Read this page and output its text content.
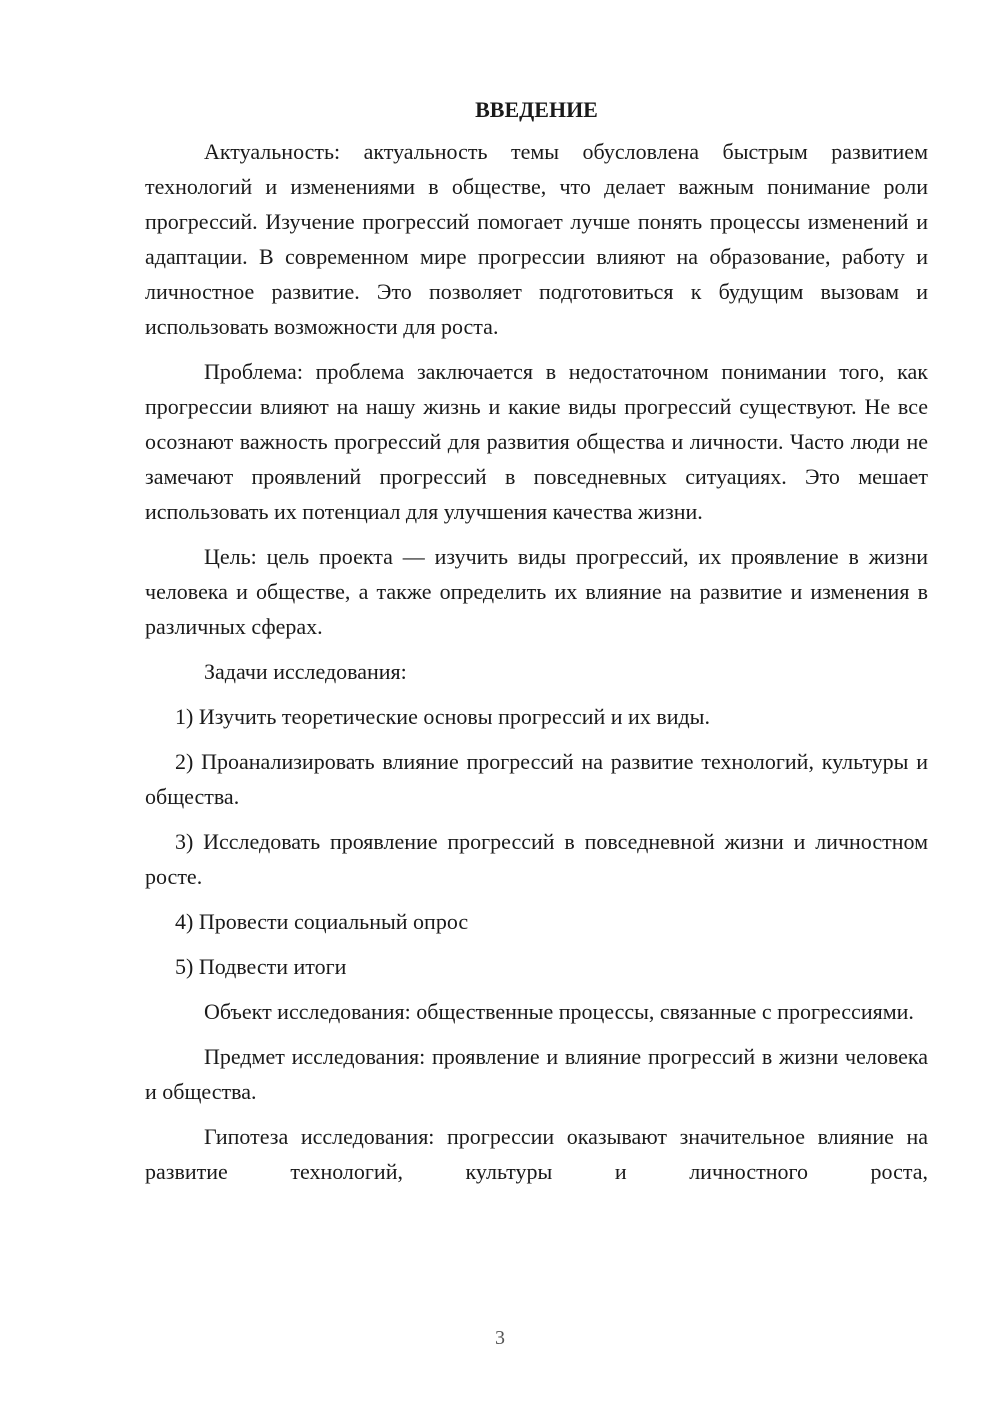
ВВЕДЕНИЕ

Актуальность: актуальность темы обусловлена быстрым развитием технологий и изменениями в обществе, что делает важным понимание роли прогрессий. Изучение прогрессий помогает лучше понять процессы изменений и адаптации. В современном мире прогрессии влияют на образование, работу и личностное развитие. Это позволяет подготовиться к будущим вызовам и использовать возможности для роста.

Проблема: проблема заключается в недостаточном понимании того, как прогрессии влияют на нашу жизнь и какие виды прогрессий существуют. Не все осознают важность прогрессий для развития общества и личности. Часто люди не замечают проявлений прогрессий в повседневных ситуациях. Это мешает использовать их потенциал для улучшения качества жизни.

Цель: цель проекта — изучить виды прогрессий, их проявление в жизни человека и обществе, а также определить их влияние на развитие и изменения в различных сферах.

Задачи исследования:

1) Изучить теоретические основы прогрессий и их виды.

2) Проанализировать влияние прогрессий на развитие технологий, культуры и общества.

3) Исследовать проявление прогрессий в повседневной жизни и личностном росте.

4) Провести социальный опрос

5) Подвести итоги

Объект исследования: общественные процессы, связанные с прогрессиями.

Предмет исследования: проявление и влияние прогрессий в жизни человека и общества.

Гипотеза исследования: прогрессии оказывают значительное влияние на развитие технологий, культуры и личностного роста,

3
